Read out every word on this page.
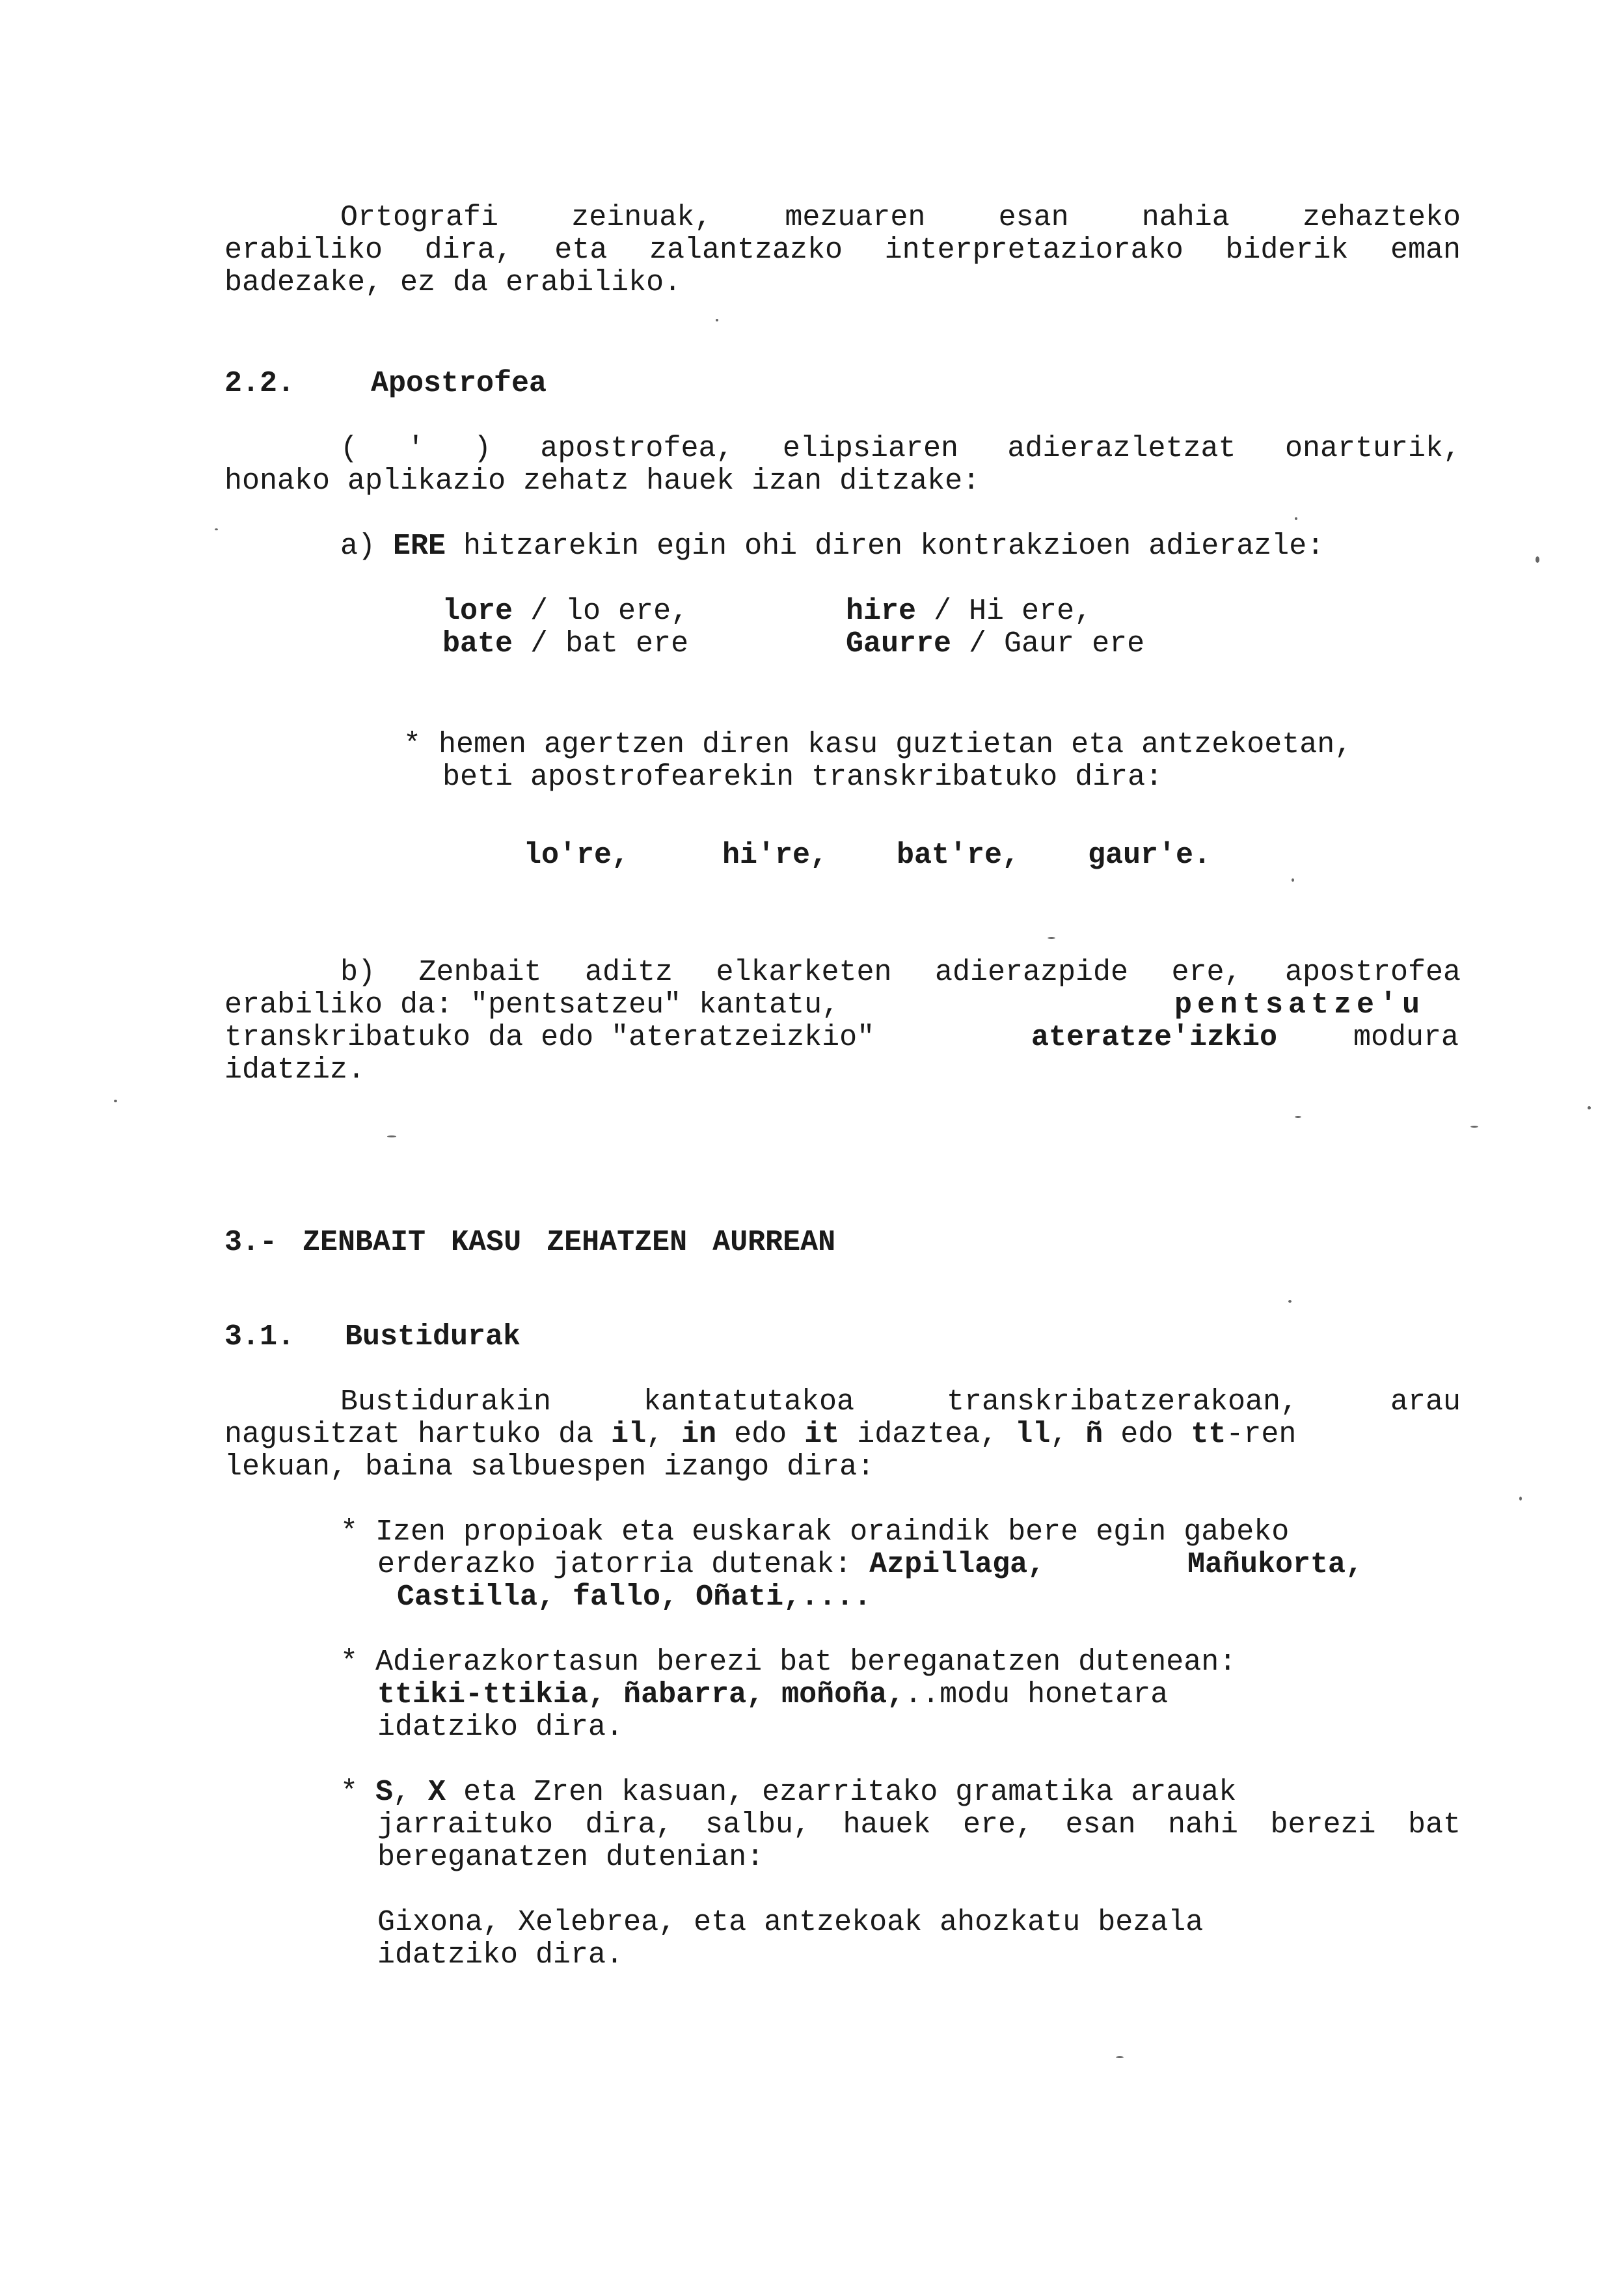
Ortografi zeinuak, mezuaren esan nahia zehazteko
erabiliko dira, eta zalantzazko interpretaziorako biderik eman
badezake, ez da erabiliko.
2.2.	Apostrofea
( ' ) apostrofea, elipsiaren adierazletzat onarturik,
honako aplikazio zehatz hauek izan ditzake:
a) ERE hitzarekin egin ohi diren kontrakzioen adierazle:
lore / lo ere,	hire / Hi ere,
bate / bat ere	Gaurre / Gaur ere
* hemen agertzen diren kasu guztietan eta antzekoetan,
beti apostrofearekin transkribatuko dira:
lo're,	hi're, bat're, gaur'e.
b) Zenbait aditz elkarketen adierazpide ere, apostrofea
erabiliko da: "pentsatzeu" kantatu,	pentsatze'u
transkribatuko da edo "ateratzeizkio"	ateratze'izkio	modura
idatziz.
3.- ZENBAIT KASU ZEHATZEN AURREAN
3.1. Bustidurak
Bustidurakin kantatutakoa transkribatzerakoan, arau
nagusitzat hartuko da il, in edo it idaztea, ll, ñ edo tt-ren
lekuan, baina salbuespen izango dira:
* Izen propioak eta euskarak oraindik bere egin gabeko
erderazko jatorria dutenak: Azpillaga,	Mañukorta,
Castilla, fallo, Oñati,....
* Adierazkortasun berezi bat bereganatzen dutenean:
ttiki-ttikia, ñabarra, moñoña,..modu honetara
idatziko dira.
* S, X eta Zren kasuan, ezarritako gramatika arauak
jarraituko dira, salbu, hauek ere, esan nahi berezi bat
bereganatzen dutenian:
Gixona, Xelebrea, eta antzekoak ahozkatu bezala
idatziko dira.
